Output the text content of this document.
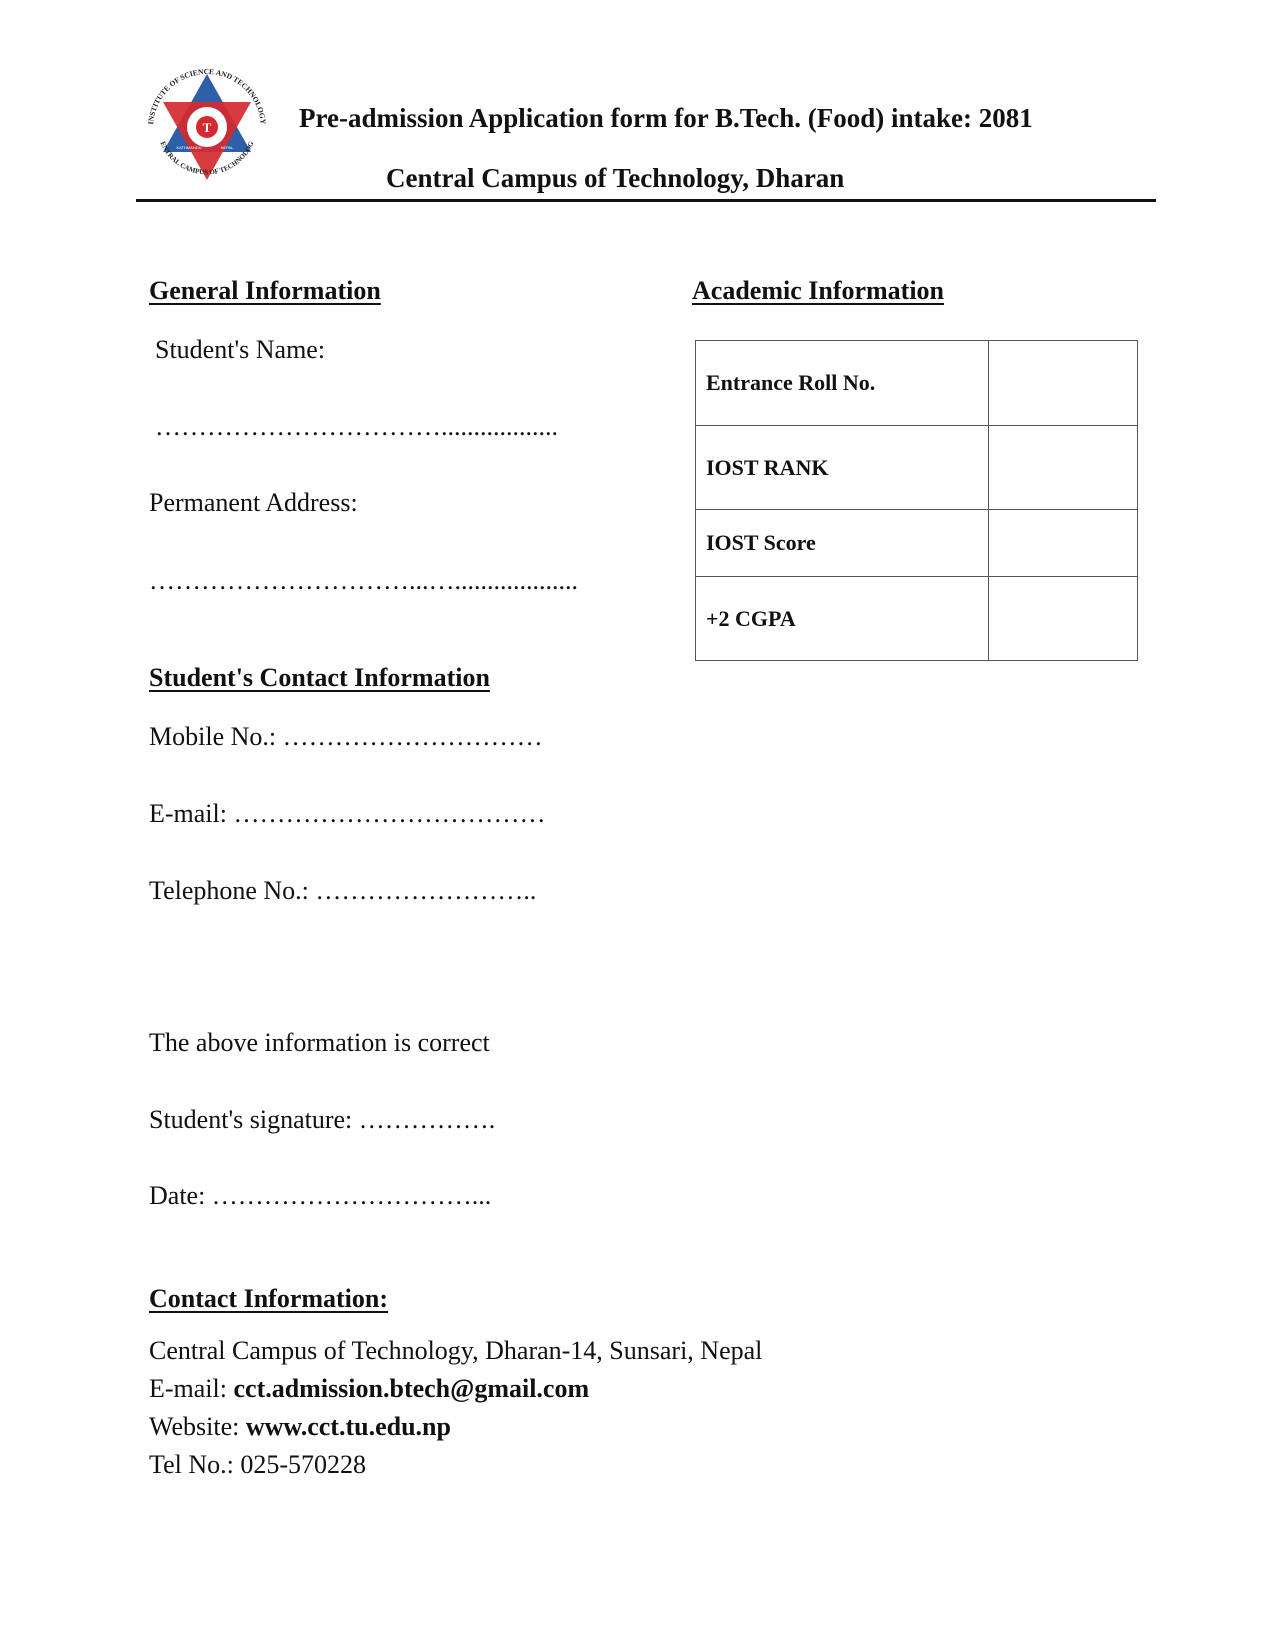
T
INSTITUTE OF SCIENCE AND TECHNOLOGY
ENTRAL CAMPUS OF TECHNOLOG
KATHMANDU	NEPAL
Pre-admission Application form for B.Tech. (Food) intake: 2081
Central Campus of Technology, Dharan
General Information
Student's Name:
……………………………..................
Permanent Address:
…………………………...…...................
Academic Information
Entrance Roll No.	
IOST RANK	
IOST Score	
+2 CGPA	
Student's Contact Information
Mobile No.: …………………………
E-mail: ………………………………
Telephone No.: ……………………..
The above information is correct
Student's signature: …………….
Date: …………………………...
Contact Information:
Central Campus of Technology, Dharan-14, Sunsari, Nepal
E-mail: cct.admission.btech@gmail.com
Website: www.cct.tu.edu.np
Tel No.: 025-570228
